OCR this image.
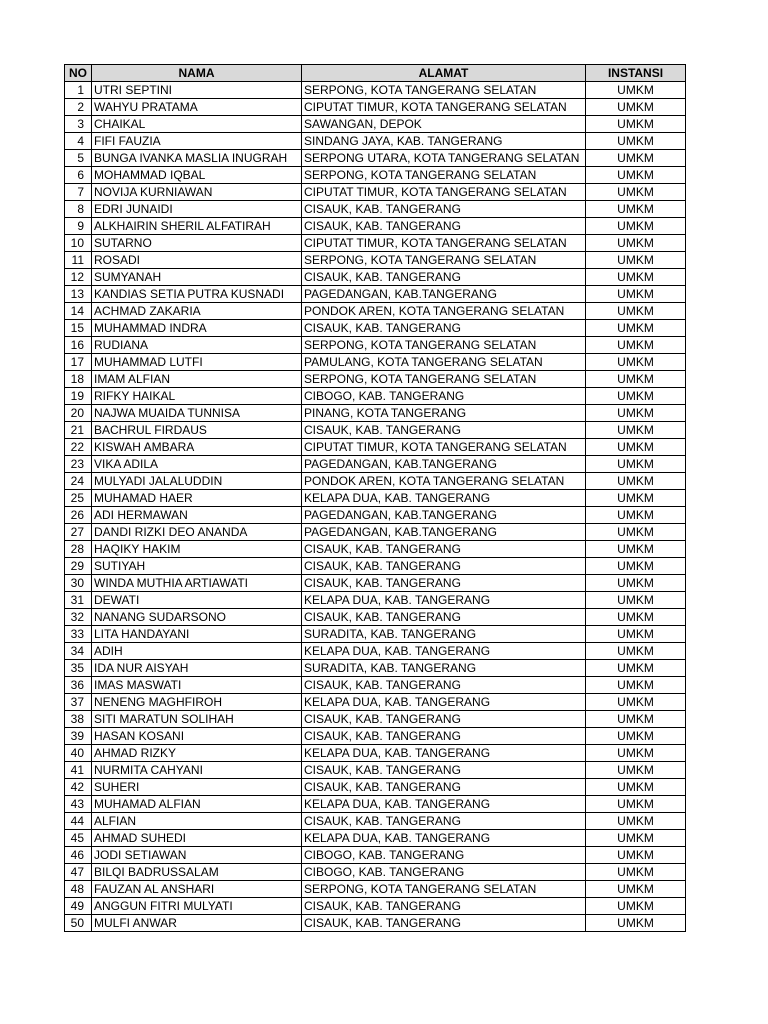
NO	NAMA	ALAMAT	INSTANSI
1	UTRI SEPTINI	SERPONG, KOTA TANGERANG SELATAN	UMKM
2	WAHYU PRATAMA	CIPUTAT TIMUR, KOTA TANGERANG SELATAN	UMKM
3	CHAIKAL	SAWANGAN, DEPOK	UMKM
4	FIFI FAUZIA	SINDANG JAYA, KAB. TANGERANG	UMKM
5	BUNGA IVANKA MASLIA INUGRAH	SERPONG UTARA, KOTA TANGERANG SELATAN	UMKM
6	MOHAMMAD IQBAL	SERPONG, KOTA TANGERANG SELATAN	UMKM
7	NOVIJA KURNIAWAN	CIPUTAT TIMUR, KOTA TANGERANG SELATAN	UMKM
8	EDRI JUNAIDI	CISAUK, KAB. TANGERANG	UMKM
9	ALKHAIRIN SHERIL ALFATIRAH	CISAUK, KAB. TANGERANG	UMKM
10	SUTARNO	CIPUTAT TIMUR, KOTA TANGERANG SELATAN	UMKM
11	ROSADI	SERPONG, KOTA TANGERANG SELATAN	UMKM
12	SUMYANAH	CISAUK, KAB. TANGERANG	UMKM
13	KANDIAS SETIA PUTRA KUSNADI	PAGEDANGAN, KAB.TANGERANG	UMKM
14	ACHMAD ZAKARIA	PONDOK AREN, KOTA TANGERANG SELATAN	UMKM
15	MUHAMMAD INDRA	CISAUK, KAB. TANGERANG	UMKM
16	RUDIANA	SERPONG, KOTA TANGERANG SELATAN	UMKM
17	MUHAMMAD LUTFI	PAMULANG, KOTA TANGERANG SELATAN	UMKM
18	IMAM ALFIAN	SERPONG, KOTA TANGERANG SELATAN	UMKM
19	RIFKY HAIKAL	CIBOGO, KAB. TANGERANG	UMKM
20	NAJWA MUAIDA TUNNISA	PINANG, KOTA TANGERANG	UMKM
21	BACHRUL FIRDAUS	CISAUK, KAB. TANGERANG	UMKM
22	KISWAH AMBARA	CIPUTAT TIMUR, KOTA TANGERANG SELATAN	UMKM
23	VIKA ADILA	PAGEDANGAN, KAB.TANGERANG	UMKM
24	MULYADI JALALUDDIN	PONDOK AREN, KOTA TANGERANG SELATAN	UMKM
25	MUHAMAD HAER	KELAPA DUA, KAB. TANGERANG	UMKM
26	ADI HERMAWAN	PAGEDANGAN, KAB.TANGERANG	UMKM
27	DANDI RIZKI DEO ANANDA	PAGEDANGAN, KAB.TANGERANG	UMKM
28	HAQIKY HAKIM	CISAUK, KAB. TANGERANG	UMKM
29	SUTIYAH	CISAUK, KAB. TANGERANG	UMKM
30	WINDA MUTHIA ARTIAWATI	CISAUK, KAB. TANGERANG	UMKM
31	DEWATI	KELAPA DUA, KAB. TANGERANG	UMKM
32	NANANG SUDARSONO	CISAUK, KAB. TANGERANG	UMKM
33	LITA HANDAYANI	SURADITA, KAB. TANGERANG	UMKM
34	ADIH	KELAPA DUA, KAB. TANGERANG	UMKM
35	IDA NUR AISYAH	SURADITA, KAB. TANGERANG	UMKM
36	IMAS MASWATI	CISAUK, KAB. TANGERANG	UMKM
37	NENENG MAGHFIROH	KELAPA DUA, KAB. TANGERANG	UMKM
38	SITI MARATUN SOLIHAH	CISAUK, KAB. TANGERANG	UMKM
39	HASAN KOSANI	CISAUK, KAB. TANGERANG	UMKM
40	AHMAD RIZKY	KELAPA DUA, KAB. TANGERANG	UMKM
41	NURMITA CAHYANI	CISAUK, KAB. TANGERANG	UMKM
42	SUHERI	CISAUK, KAB. TANGERANG	UMKM
43	MUHAMAD ALFIAN	KELAPA DUA, KAB. TANGERANG	UMKM
44	ALFIAN	CISAUK, KAB. TANGERANG	UMKM
45	AHMAD SUHEDI	KELAPA DUA, KAB. TANGERANG	UMKM
46	JODI SETIAWAN	CIBOGO, KAB. TANGERANG	UMKM
47	BILQI BADRUSSALAM	CIBOGO, KAB. TANGERANG	UMKM
48	FAUZAN AL ANSHARI	SERPONG, KOTA TANGERANG SELATAN	UMKM
49	ANGGUN FITRI MULYATI	CISAUK, KAB. TANGERANG	UMKM
50	MULFI ANWAR	CISAUK, KAB. TANGERANG	UMKM
